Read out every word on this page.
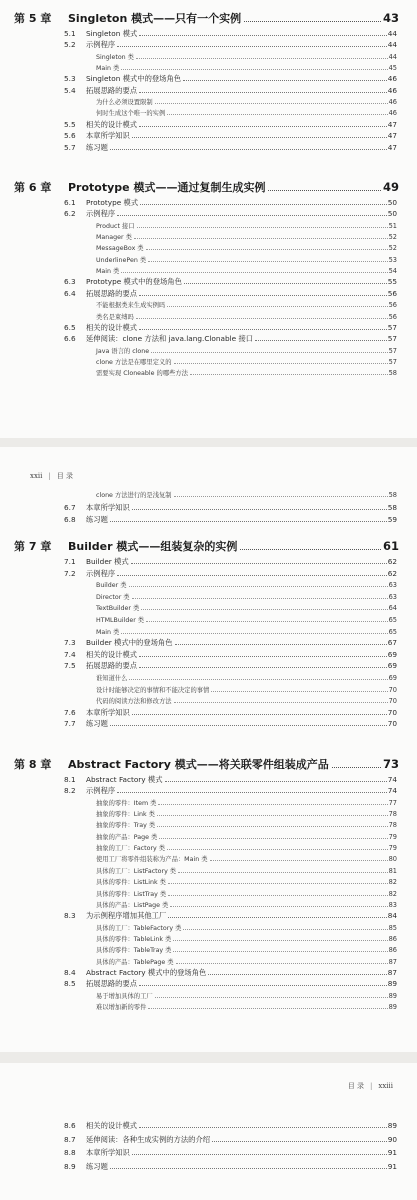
第 5 章	Singleton 模式——只有一个实例	43
5.1	Singleton 模式	44
5.2	示例程序	44
Singleton 类	44
Main 类	45
5.3	Singleton 模式中的登场角色	46
5.4	拓展思路的要点	46
为什么必须设置限制	46
何时生成这个唯一的实例	46
5.5	相关的设计模式	47
5.6	本章所学知识	47
5.7	练习题	47
第 6 章	Prototype 模式——通过复制生成实例	49
6.1	Prototype 模式	50
6.2	示例程序	50
Product 接口	51
Manager 类	52
MessageBox 类	52
UnderlinePen 类	53
Main 类	54
6.3	Prototype 模式中的登场角色	55
6.4	拓展思路的要点	56
不能根据类来生成实例吗	56
类名是束缚吗	56
6.5	相关的设计模式	57
6.6	延伸阅读：clone 方法和 java.lang.Clonable 接口	57
Java 语言的 clone	57
clone 方法是在哪里定义的	57
需要实现 Cloneable 的哪些方法	58
xxii | 目 录
clone 方法进行的是浅复制	58
6.7	本章所学知识	58
6.8	练习题	59
第 7 章	Builder 模式——组装复杂的实例	61
7.1	Builder 模式	62
7.2	示例程序	62
Builder 类	63
Director 类	63
TextBuilder 类	64
HTMLBuilder 类	65
Main 类	65
7.3	Builder 模式中的登场角色	67
7.4	相关的设计模式	69
7.5	拓展思路的要点	69
谁知道什么	69
设计时能够决定的事情和不能决定的事情	70
代码的阅读方法和修改方法	70
7.6	本章所学知识	70
7.7	练习题	70
第 8 章	Abstract Factory 模式——将关联零件组装成产品	73
8.1	Abstract Factory 模式	74
8.2	示例程序	74
抽象的零件：Item 类	77
抽象的零件：Link 类	78
抽象的零件：Tray 类	78
抽象的产品：Page 类	79
抽象的工厂：Factory 类	79
使用工厂将零件组装称为产品：Main 类	80
具体的工厂：ListFactory 类	81
具体的零件：ListLink 类	82
具体的零件：ListTray 类	82
具体的产品：ListPage 类	83
8.3	为示例程序增加其他工厂	84
具体的工厂：TableFactory 类	85
具体的零件：TableLink 类	86
具体的零件：TableTray 类	86
具体的产品：TablePage 类	87
8.4	Abstract Factory 模式中的登场角色	87
8.5	拓展思路的要点	89
易于增加具体的工厂	89
难以增加新的零件	89
目 录 | xxiii
8.6	相关的设计模式	89
8.7	延伸阅读：各种生成实例的方法的介绍	90
8.8	本章所学知识	91
8.9	练习题	91
